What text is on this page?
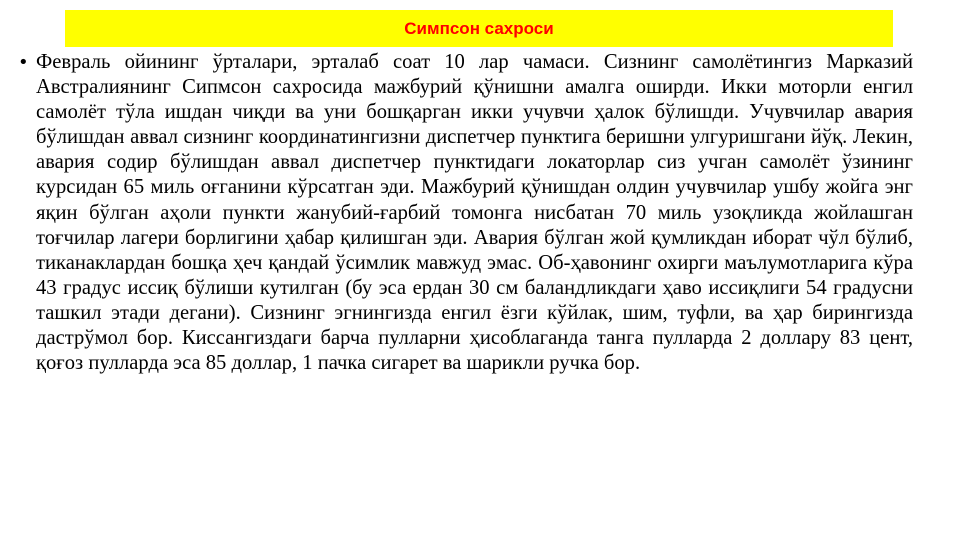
Симпсон сахроси
• Февраль ойининг ўрталари, эрталаб соат 10 лар чамаси. Сизнинг самолётингиз Марказий Австралиянинг Сипмсон сахросида мажбурий қўнишни амалга оширди. Икки моторли енгил самолёт тўла ишдан чиқди ва уни бошқарган икки учувчи ҳалок бўлишди. Учувчилар авария бўлишдан аввал сизнинг координатингизни диспетчер пунктига беришни улгуришгани йўқ. Лекин, авария содир бўлишдан аввал диспетчер пунктидаги локаторлар сиз учган самолёт ўзининг курсидан 65 миль оғганини кўрсатган эди. Мажбурий қўнишдан олдин учувчилар ушбу жойга энг яқин бўлган аҳоли пункти жанубий-ғарбий томонга нисбатан 70 миль узоқликда жойлашган тоғчилар лагери борлигини ҳабар қилишган эди. Авария бўлган жой қумликдан иборат чўл бўлиб, тиканаклардан бошқа ҳеч қандай ўсимлик мавжуд эмас. Об-ҳавонинг охирги маълумотларига кўра 43 градус иссиқ бўлиши кутилган (бу эса ердан 30 см баландликдаги ҳаво иссиқлиги 54 градусни ташкил этади дегани). Сизнинг эгнингизда енгил ёзги кўйлак, шим, туфли, ва ҳар бирингизда дастрўмол бор. Киссангиздаги барча пулларни ҳисоблаганда танга пулларда 2 доллару 83 цент, қоғоз пулларда эса 85 доллар, 1 пачка сигарет ва шарикли ручка бор.
